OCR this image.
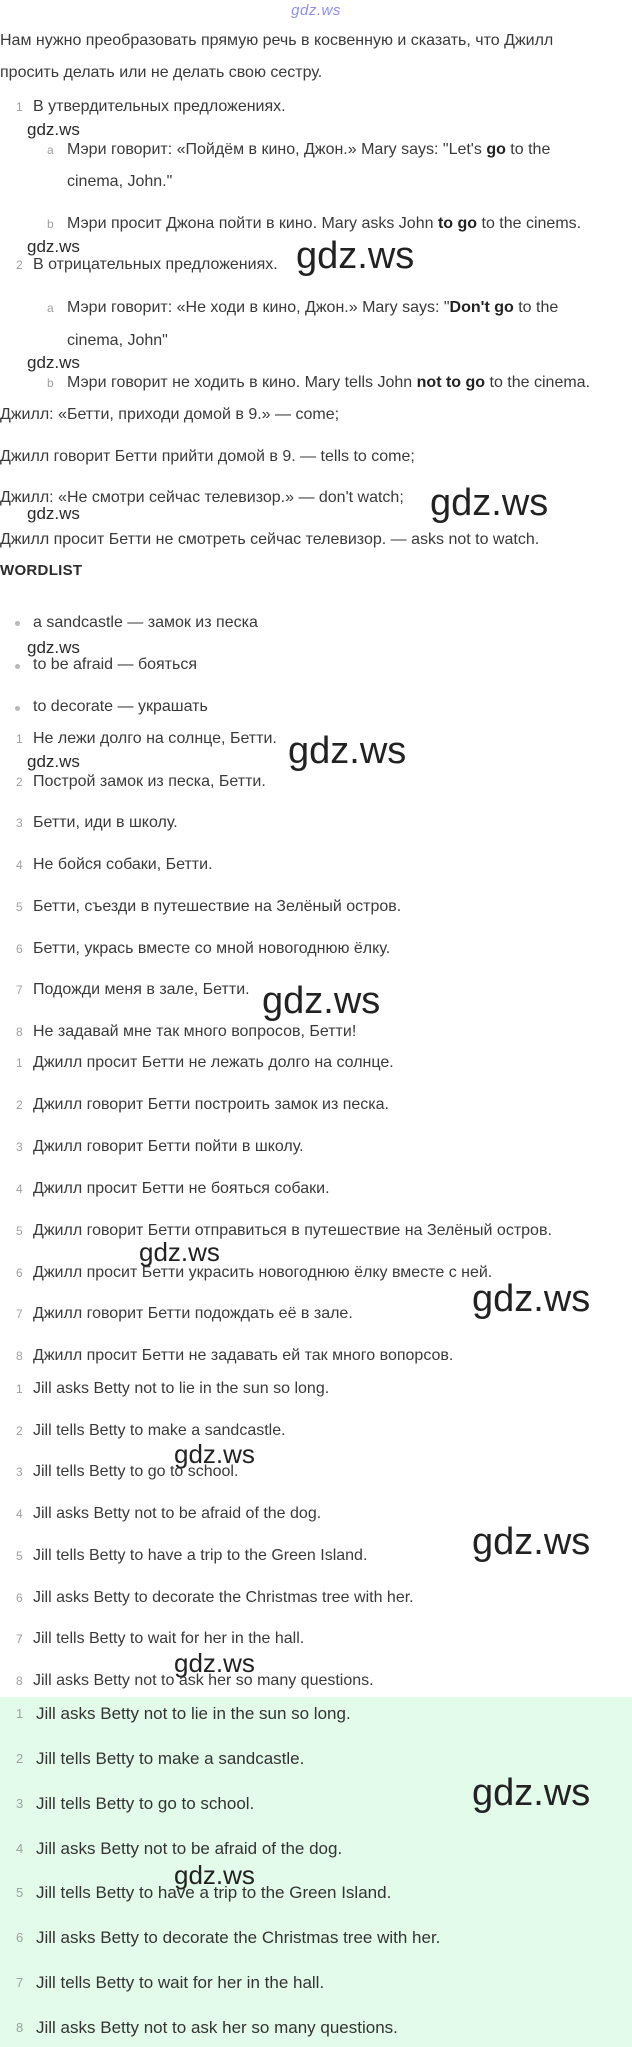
gdz.ws
Нам нужно преобразовать прямую речь в косвенную и сказать, что Джилл
просить делать или не делать свою сестру.
1 В утвердительных предложениях.
gdz.ws
a Мэри говорит: «Пойдём в кино, Джон.» Mary says: "Let's go to the
cinema, John."
b Мэри просит Джона пойти в кино. Mary asks John to go to the cinems.
gdz.ws
2 В отрицательных предложениях. gdz.ws
a Мэри говорит: «Не ходи в кино, Джон.» Mary says: "Don't go to the
cinema, John"
gdz.ws
b Мэри говорит не ходить в кино. Mary tells John not to go to the cinema.
Джилл: «Бетти, приходи домой в 9.» — come;
Джилл говорит Бетти прийти домой в 9. — tells to come;
Джилл: «Не смотри сейчас телевизор.» — don't watch;
gdz.ws	gdz.ws
Джилл просит Бетти не смотреть сейчас телевизор. — asks not to watch.
WORDLIST
a sandcastle — замок из песка
gdz.ws
to be afraid — бояться
to decorate — украшать
1 Не лежи долго на солнце, Бетти. gdz.ws
gdz.ws
2 Построй замок из песка, Бетти.
3 Бетти, иди в школу.
4 Не бойся собаки, Бетти.
5 Бетти, съезди в путешествие на Зелёный остров.
6 Бетти, укрась вместе со мной новогоднюю ёлку.
7 Подожди меня в зале, Бетти. gdz.ws
8 Не задавай мне так много вопросов, Бетти!
1 Джилл просит Бетти не лежать долго на солнце.
2 Джилл говорит Бетти построить замок из песка.
3 Джилл говорит Бетти пойти в школу.
4 Джилл просит Бетти не бояться собаки.
5 Джилл говорит Бетти отправиться в путешествие на Зелёный остров.
gdz.ws
6 Джилл просит Бетти украсить новогоднюю ёлку вместе с ней.
gdz.ws
7 Джилл говорит Бетти подождать её в зале.
8 Джилл просит Бетти не задавать ей так много вопорсов.
1 Jill asks Betty not to lie in the sun so long.
2 Jill tells Betty to make a sandcastle.
gdz.ws
3 Jill tells Betty to go to school.
4 Jill asks Betty not to be afraid of the dog.
5 Jill tells Betty to have a trip to the Green Island.	gdz.ws
6 Jill asks Betty to decorate the Christmas tree with her.
7 Jill tells Betty to wait for her in the hall.
gdz.ws
8 Jill asks Betty not to ask her so many questions.
1 Jill asks Betty not to lie in the sun so long.
2 Jill tells Betty to make a sandcastle.
3 Jill tells Betty to go to school.	gdz.ws
4 Jill asks Betty not to be afraid of the dog.
gdz.ws
5 Jill tells Betty to have a trip to the Green Island.
6 Jill asks Betty to decorate the Christmas tree with her.
7 Jill tells Betty to wait for her in the hall.
8 Jill asks Betty not to ask her so many questions.
